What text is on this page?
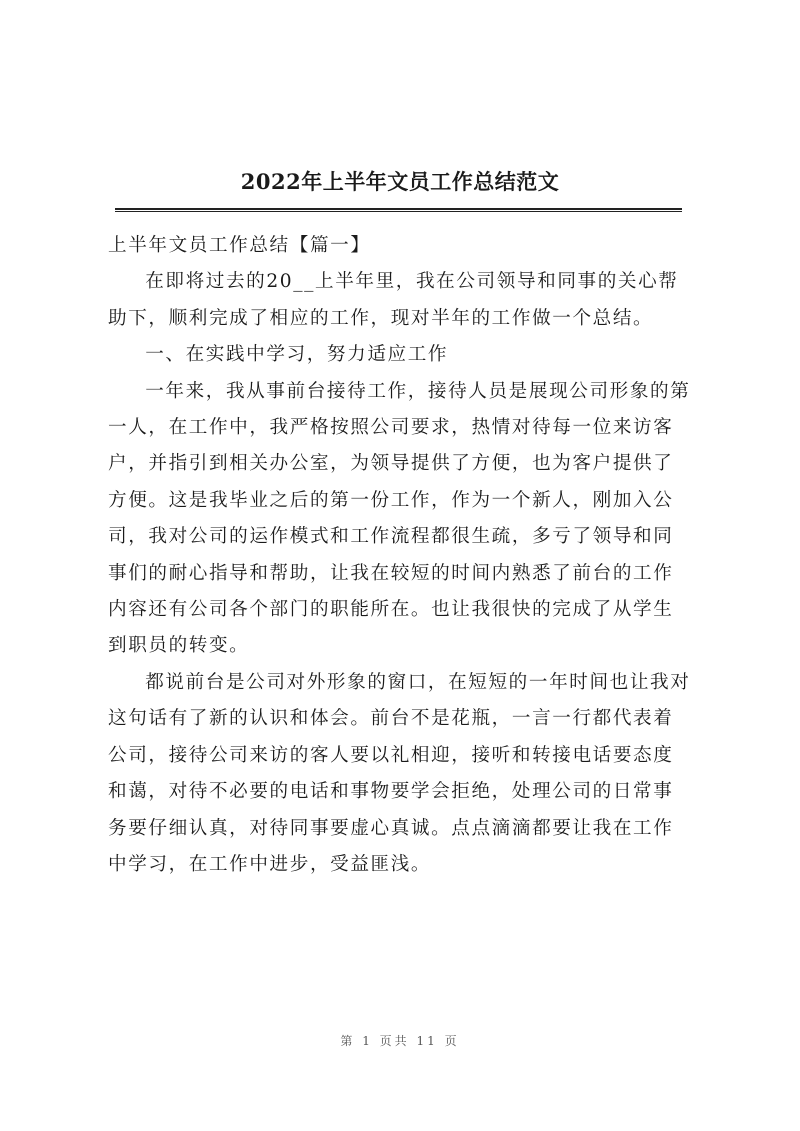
2022年上半年文员工作总结范文

上半年文员工作总结【篇一】

在即将过去的20__上半年里，我在公司领导和同事的关心帮助下，顺利完成了相应的工作，现对半年的工作做一个总结。

一、在实践中学习，努力适应工作

一年来，我从事前台接待工作，接待人员是展现公司形象的第一人，在工作中，我严格按照公司要求，热情对待每一位来访客户，并指引到相关办公室，为领导提供了方便，也为客户提供了方便。这是我毕业之后的第一份工作，作为一个新人，刚加入公司，我对公司的运作模式和工作流程都很生疏，多亏了领导和同事们的耐心指导和帮助，让我在较短的时间内熟悉了前台的工作内容还有公司各个部门的职能所在。也让我很快的完成了从学生到职员的转变。

都说前台是公司对外形象的窗口，在短短的一年时间也让我对这句话有了新的认识和体会。前台不是花瓶，一言一行都代表着公司，接待公司来访的客人要以礼相迎，接听和转接电话要态度和蔼，对待不必要的电话和事物要学会拒绝，处理公司的日常事务要仔细认真，对待同事要虚心真诚。点点滴滴都要让我在工作中学习，在工作中进步，受益匪浅。

第 1 页共 11 页
